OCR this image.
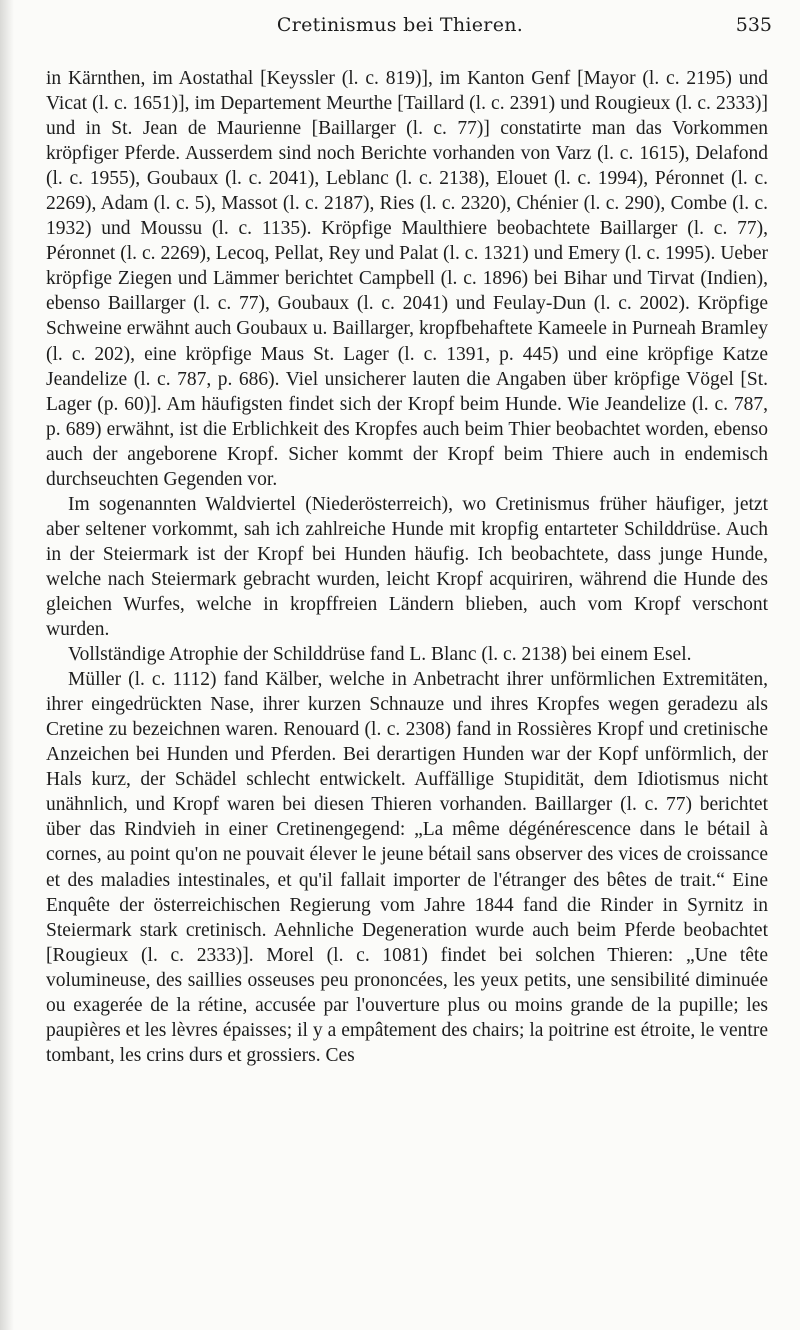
Cretinismus bei Thieren.	535

in Kärnthen, im Aostathal [Keyssler (l. c. 819)], im Kanton Genf [Mayor (l. c. 2195) und Vicat (l. c. 1651)], im Departement Meurthe [Taillard (l. c. 2391) und Rougieux (l. c. 2333)] und in St. Jean de Maurienne [Baillarger (l. c. 77)] constatirte man das Vorkommen kröpfiger Pferde. Ausserdem sind noch Berichte vorhanden von Varz (l. c. 1615), Delafond (l. c. 1955), Goubaux (l. c. 2041), Leblanc (l. c. 2138), Elouet (l. c. 1994), Péronnet (l. c. 2269), Adam (l. c. 5), Massot (l. c. 2187), Ries (l. c. 2320), Chénier (l. c. 290), Combe (l. c. 1932) und Moussu (l. c. 1135). Kröpfige Maulthiere beobachtete Baillarger (l. c. 77), Péronnet (l. c. 2269), Lecoq, Pellat, Rey und Palat (l. c. 1321) und Emery (l. c. 1995). Ueber kröpfige Ziegen und Lämmer berichtet Campbell (l. c. 1896) bei Bihar und Tirvat (Indien), ebenso Baillarger (l. c. 77), Goubaux (l. c. 2041) und Feulay-Dun (l. c. 2002). Kröpfige Schweine erwähnt auch Goubaux u. Baillarger, kropfbehaftete Kameele in Purneah Bramley (l. c. 202), eine kröpfige Maus St. Lager (l. c. 1391, p. 445) und eine kröpfige Katze Jeandelize (l. c. 787, p. 686). Viel unsicherer lauten die Angaben über kröpfige Vögel [St. Lager (p. 60)]. Am häufigsten findet sich der Kropf beim Hunde. Wie Jeandelize (l. c. 787, p. 689) erwähnt, ist die Erblichkeit des Kropfes auch beim Thier beobachtet worden, ebenso auch der angeborene Kropf. Sicher kommt der Kropf beim Thiere auch in endemisch durchseuchten Gegenden vor.

Im sogenannten Waldviertel (Niederösterreich), wo Cretinismus früher häufiger, jetzt aber seltener vorkommt, sah ich zahlreiche Hunde mit kropfig entarteter Schilddrüse. Auch in der Steiermark ist der Kropf bei Hunden häufig. Ich beobachtete, dass junge Hunde, welche nach Steiermark gebracht wurden, leicht Kropf acquiriren, während die Hunde des gleichen Wurfes, welche in kropffreien Ländern blieben, auch vom Kropf verschont wurden.

Vollständige Atrophie der Schilddrüse fand L. Blanc (l. c. 2138) bei einem Esel.

Müller (l. c. 1112) fand Kälber, welche in Anbetracht ihrer unförmlichen Extremitäten, ihrer eingedrückten Nase, ihrer kurzen Schnauze und ihres Kropfes wegen geradezu als Cretine zu bezeichnen waren. Renouard (l. c. 2308) fand in Rossières Kropf und cretinische Anzeichen bei Hunden und Pferden. Bei derartigen Hunden war der Kopf unförmlich, der Hals kurz, der Schädel schlecht entwickelt. Auffällige Stupidität, dem Idiotismus nicht unähnlich, und Kropf waren bei diesen Thieren vorhanden. Baillarger (l. c. 77) berichtet über das Rindvieh in einer Cretinengegend: „La même dégénérescence dans le bétail à cornes, au point qu'on ne pouvait élever le jeune bétail sans observer des vices de croissance et des maladies intestinales, et qu'il fallait importer de l'étranger des bêtes de trait.“ Eine Enquête der österreichischen Regierung vom Jahre 1844 fand die Rinder in Syrnitz in Steiermark stark cretinisch. Aehnliche Degeneration wurde auch beim Pferde beobachtet [Rougieux (l. c. 2333)]. Morel (l. c. 1081) findet bei solchen Thieren: „Une tête volumineuse, des saillies osseuses peu prononcées, les yeux petits, une sensibilité diminuée ou exagerée de la rétine, accusée par l'ouverture plus ou moins grande de la pupille; les paupières et les lèvres épaisses; il y a empâtement des chairs; la poitrine est étroite, le ventre tombant, les crins durs et grossiers. Ces
